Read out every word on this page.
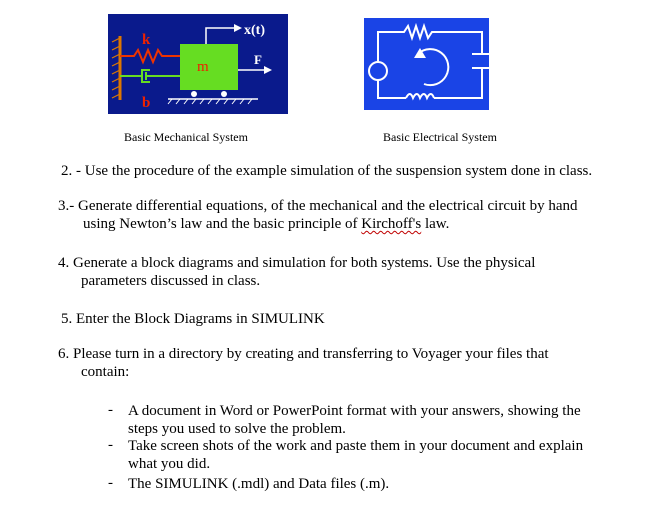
k
b
m	F
x(t)
Basic Mechanical System	Basic Electrical System
2. - Use the procedure of the example simulation of the suspension system done in class.
3.- Generate differential equations, of the mechanical and the electrical circuit by hand
using Newton’s law and the basic principle of Kirchoff's law.
4. Generate a block diagrams and simulation for both systems. Use the physical
parameters discussed in class.
5. Enter the Block Diagrams in SIMULINK
6. Please turn in a directory by creating and transferring to Voyager your files that
contain:
- A document in Word or PowerPoint format with your answers, showing the
steps you used to solve the problem.
- Take screen shots of the work and paste them in your document and explain
what you did.
- The SIMULINK (.mdl) and Data files (.m).
